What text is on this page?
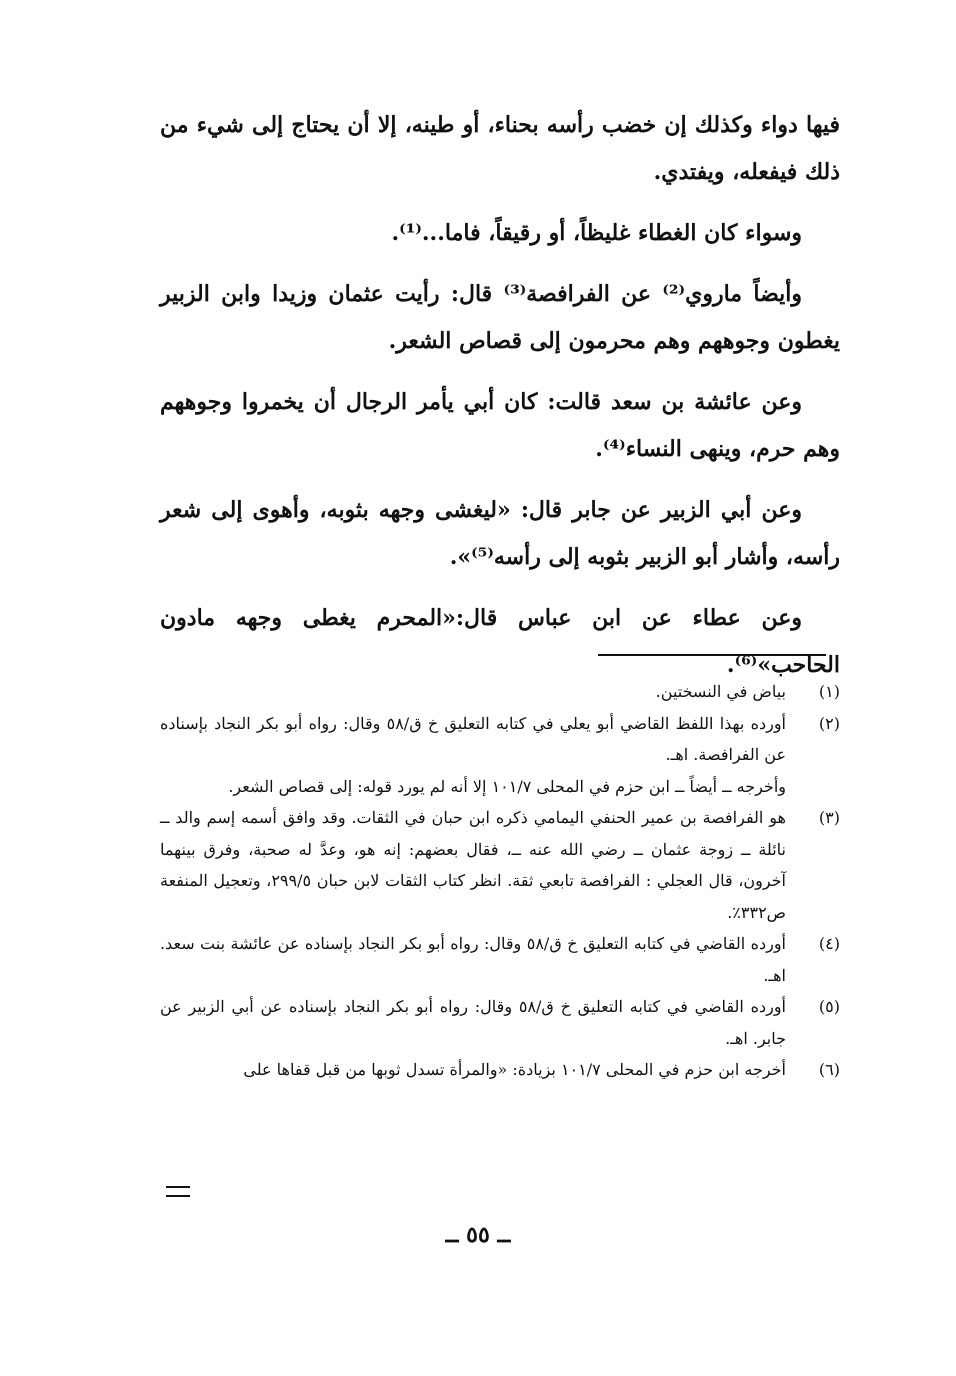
فيها دواء وكذلك إن خضب رأسه بحناء، أو طينه، إلا أن يحتاج إلى شيء من ذلك فيفعله، ويفتدي.

وسواء كان الغطاء غليظاً، أو رقيقاً، فاما...⁽¹⁾.

وأيضاً ماروي⁽²⁾ عن الفرافصة⁽³⁾ قال: رأيت عثمان وزيدا وابن الزبير يغطون وجوههم وهم محرمون إلى قصاص الشعر.

وعن عائشة بن سعد قالت: كان أبي يأمر الرجال أن يخمروا وجوههم وهم حرم، وينهى النساء⁽⁴⁾.

وعن أبي الزبير عن جابر قال: «ليغشى وجهه بثوبه، وأهوى إلى شعر رأسه، وأشار أبو الزبير بثوبه إلى رأسه⁽⁵⁾».

وعن عطاء عن ابن عباس قال:«المحرم يغطى وجهه مادون الحاحب»⁽⁶⁾.

(١)

بياض في النسختين.

(٢)

أورده بهذا اللفظ القاضي أبو يعلي في كتابه التعليق خ ق/٥٨ وقال: رواه أبو بكر النجاد بإسناده عن الفرافصة. اهـ.

وأخرجه ــ أيضاً ــ ابن حزم في المحلى ١٠١/٧ إلا أنه لم يورد قوله: إلى قصاص الشعر.

(٣)

هو الفرافصة بن عمير الحنفي اليمامي ذكره ابن حبان في الثقات. وقد وافق أسمه إسم والد ــ نائلة ــ زوجة عثمان ــ رضي الله عنه ــ، فقال بعضهم: إنه هو، وعدَّ له صحبة، وفرق بينهما آخرون، قال العجلي : الفرافصة تابعي ثقة. انظر كتاب الثقات لابن حبان ٢٩٩/٥، وتعجيل المنفعة ص٣٣٢٪.

(٤)

أورده القاضي في كتابه التعليق خ ق/٥٨ وقال: رواه أبو بكر النجاد بإسناده عن عائشة بنت سعد. اهـ.

(٥)

أورده القاضي في كتابه التعليق خ ق/٥٨ وقال: رواه أبو بكر النجاد بإسناده عن أبي الزبير عن جابر. اهـ.

(٦)

أخرجه ابن حزم في المحلى ١٠١/٧ بزيادة: «والمرأة تسدل ثوبها من قبل قفاها على

ــ ٥٥ ــ
